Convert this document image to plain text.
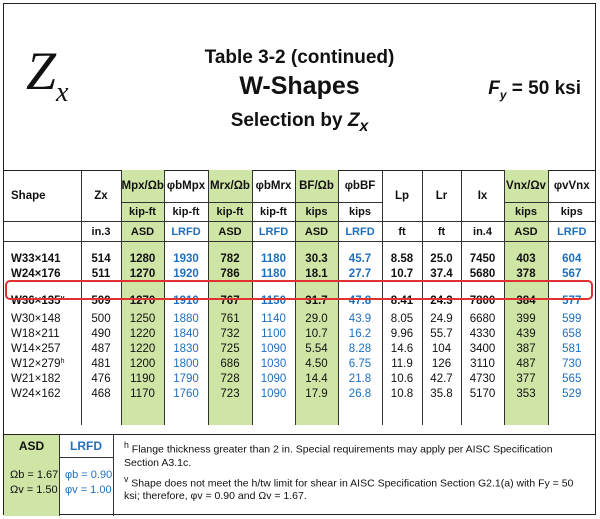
$Z_x$
Table 3-2 (continued)
W-Shapes
Selection by $Z_x$
$F_y = 50$ ksi
Shape	Zx	Mpx/Ωb	φbMpx	Mrx/Ωb	φbMrx	BF/Ωb	φbBF	Lp	Lr	Ix	Vnx/Ωv	φvVnx
		kip-ft	kip-ft	kip-ft	kip-ft	kips	kips				kips	kips
	in.3	ASD	LRFD	ASD	LRFD	ASD	LRFD	ft	ft	in.4	ASD	LRFD

W33×141	514	1280	1930	782	1180	30.3	45.7	8.58	25.0	7450	403	604
W24×176	511	1270	1920	786	1180	18.1	27.7	10.7	37.4	5680	378	567

$W36\times 135^v$	509	1270	1910	767	1150	31.7	47.8	8.41	24.3	7800	384	577
W30×148	500	1250	1880	761	1140	29.0	43.9	8.05	24.9	6680	399	599
W18×211	490	1220	1840	732	1100	10.7	16.2	9.96	55.7	4330	439	658
W14×257	487	1220	1830	725	1090	5.54	8.28	14.6	104	3400	387	581
$W12\times 279^h$	481	1200	1800	686	1030	4.50	6.75	11.9	126	3110	487	730
W21×182	476	1190	1790	728	1090	14.4	21.8	10.6	42.7	4730	377	565
W24×162	468	1170	1760	723	1090	17.9	26.8	10.8	35.8	5170	353	529

ASD	LRFD
Ωb = 1.67
Ωv = 1.50
φb = 0.90
φv = 1.00

$^h$ Flange thickness greater than 2 in. Special requirements may apply per AISC Specification Section A3.1c.

$^v$ Shape does not meet the h/tw limit for shear in AISC Specification Section G2.1(a) with Fy = 50 ksi; therefore, φv = 0.90 and Ωv = 1.67.
